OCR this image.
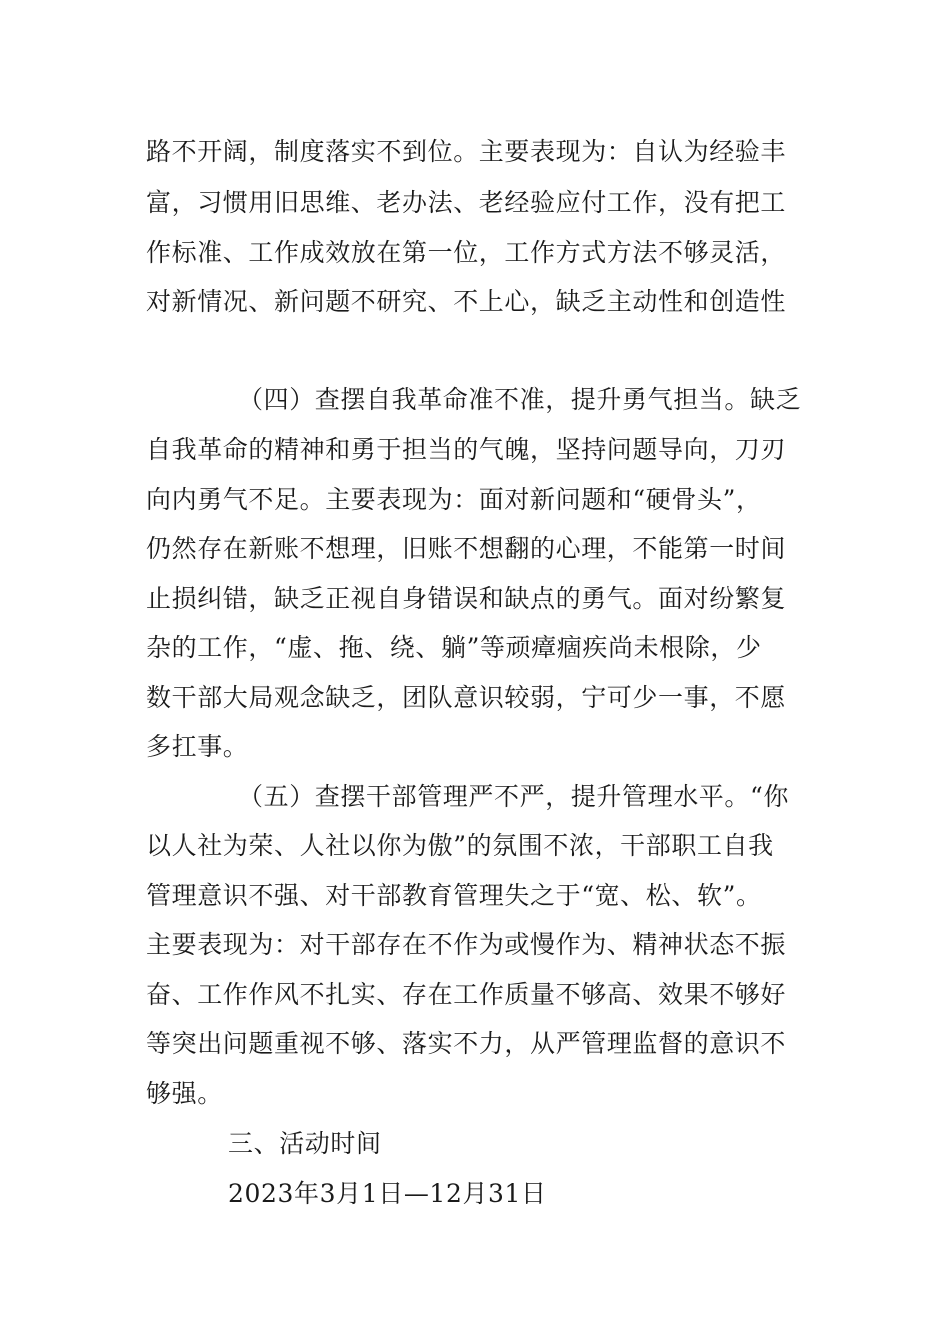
路不开阔，制度落实不到位。主要表现为：自认为经验丰
富，习惯用旧思维、老办法、老经验应付工作，没有把工
作标准、工作成效放在第一位，工作方式方法不够灵活，
对新情况、新问题不研究、不上心，缺乏主动性和创造性
（四）查摆自我革命准不准，提升勇气担当。缺乏
自我革命的精神和勇于担当的气魄，坚持问题导向，刀刃
向内勇气不足。主要表现为：面对新问题和“硬骨头”，
仍然存在新账不想理，旧账不想翻的心理，不能第一时间
止损纠错，缺乏正视自身错误和缺点的勇气。面对纷繁复
杂的工作，“虚、拖、绕、躺”等顽瘴痼疾尚未根除，少
数干部大局观念缺乏，团队意识较弱，宁可少一事，不愿
多扛事。
（五）查摆干部管理严不严，提升管理水平。“你
以人社为荣、人社以你为傲”的氛围不浓，干部职工自我
管理意识不强、对干部教育管理失之于“宽、松、软”。
主要表现为：对干部存在不作为或慢作为、精神状态不振
奋、工作作风不扎实、存在工作质量不够高、效果不够好
等突出问题重视不够、落实不力，从严管理监督的意识不
够强。
三、活动时间
2023年3月1日—12月31日
